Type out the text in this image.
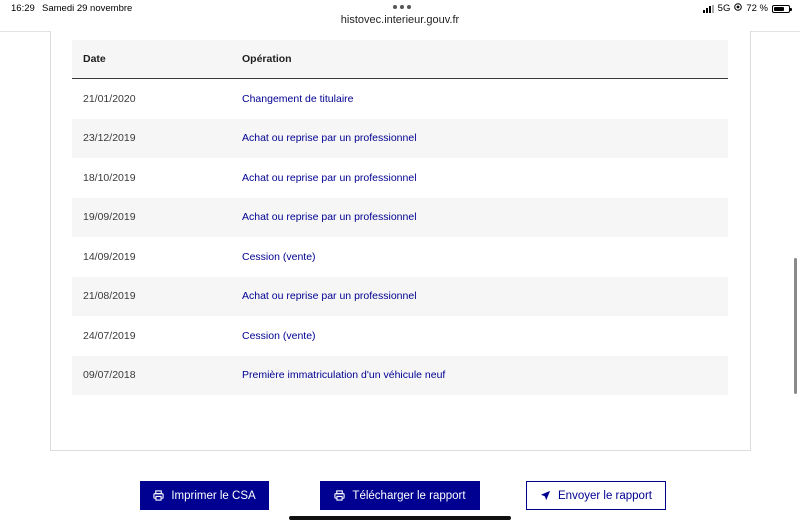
16:29 Samedi 29 novembre	5G 72 %
histovec.interieur.gouv.fr
Date	Opération
21/01/2020	Changement de titulaire
23/12/2019	Achat ou reprise par un professionnel
18/10/2019	Achat ou reprise par un professionnel
19/09/2019	Achat ou reprise par un professionnel
14/09/2019	Cession (vente)
21/08/2019	Achat ou reprise par un professionnel
24/07/2019	Cession (vente)
09/07/2018	Première immatriculation d'un véhicule neuf
Imprimer le CSA	Télécharger le rapport	Envoyer le rapport
